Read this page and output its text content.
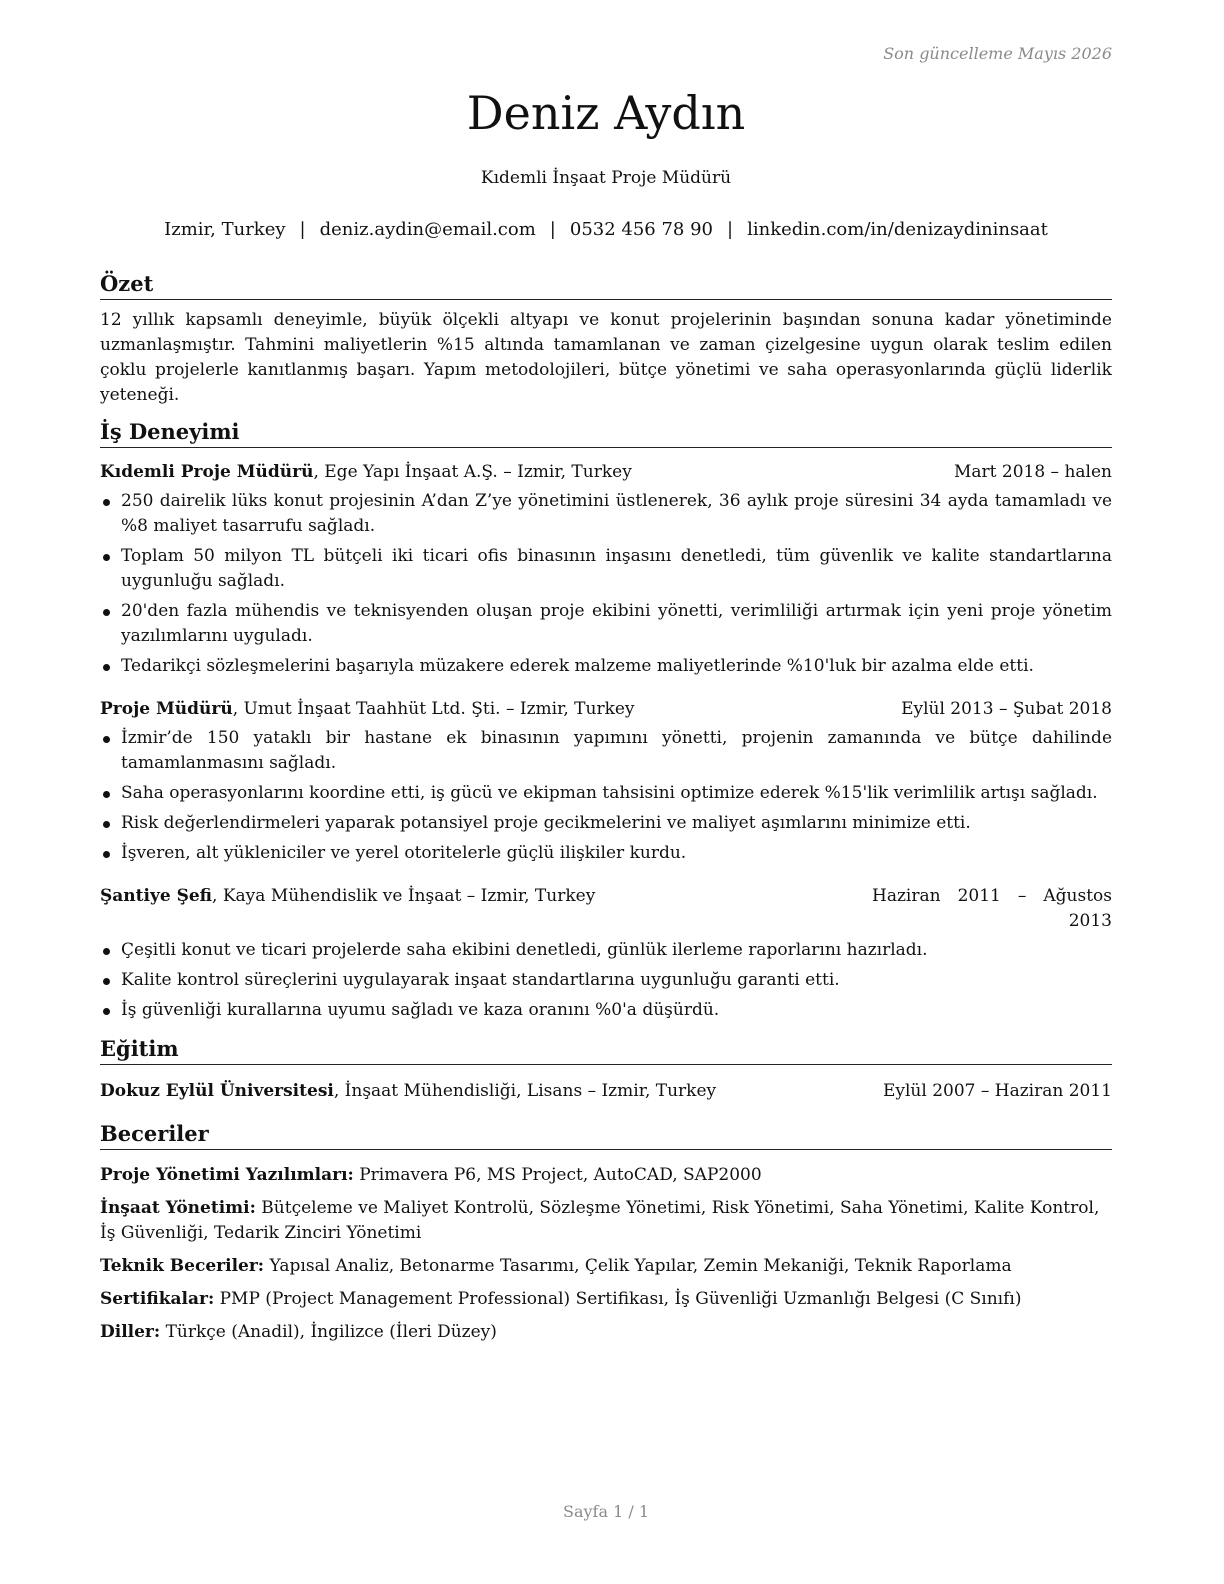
Son güncelleme Mayıs 2026
Deniz Aydın
Kıdemli İnşaat Proje Müdürü
Izmir, Turkey | deniz.aydin@email.com | 0532 456 78 90 | linkedin.com/in/denizaydininsaat
Özet

12 yıllık kapsamlı deneyimle, büyük ölçekli altyapı ve konut projelerinin başından sonuna kadar yönetiminde uzmanlaşmıştır. Tahmini maliyetlerin %15 altında tamamlanan ve zaman çizelgesine uygun olarak teslim edilen çoklu projelerle kanıtlanmış başarı. Yapım metodolojileri, bütçe yönetimi ve saha operasyonlarında güçlü liderlik yeteneği.

İş Deneyimi
Kıdemli Proje Müdürü, Ege Yapı İnşaat A.Ş. – Izmir, Turkey	Mart 2018 – halen
250 dairelik lüks konut projesinin A’dan Z’ye yönetimini üstlenerek, 36 aylık proje süresini 34 ayda tamamladı ve %8 maliyet tasarrufu sağladı.
Toplam 50 milyon TL bütçeli iki ticari ofis binasının inşasını denetledi, tüm güvenlik ve kalite standartlarına uygunluğu sağladı.
20'den fazla mühendis ve teknisyenden oluşan proje ekibini yönetti, verimliliği artırmak için yeni proje yönetim yazılımlarını uyguladı.
Tedarikçi sözleşmelerini başarıyla müzakere ederek malzeme maliyetlerinde %10'luk bir azalma elde etti.
Proje Müdürü, Umut İnşaat Taahhüt Ltd. Şti. – Izmir, Turkey	Eylül 2013 – Şubat 2018
İzmir’de 150 yataklı bir hastane ek binasının yapımını yönetti, projenin zamanında ve bütçe dahilinde tamamlanmasını sağladı.
Saha operasyonlarını koordine etti, iş gücü ve ekipman tahsisini optimize ederek %15'lik verimlilik artışı sağladı.
Risk değerlendirmeleri yaparak potansiyel proje gecikmelerini ve maliyet aşımlarını minimize etti.
İşveren, alt yükleniciler ve yerel otoritelerle güçlü ilişkiler kurdu.
Şantiye Şefi, Kaya Mühendislik ve İnşaat – Izmir, Turkey	Haziran 2011 – Ağustos 2013
Çeşitli konut ve ticari projelerde saha ekibini denetledi, günlük ilerleme raporlarını hazırladı.
Kalite kontrol süreçlerini uygulayarak inşaat standartlarına uygunluğu garanti etti.
İş güvenliği kurallarına uyumu sağladı ve kaza oranını %0'a düşürdü.
Eğitim
Dokuz Eylül Üniversitesi, İnşaat Mühendisliği, Lisans – Izmir, Turkey	Eylül 2007 – Haziran 2011
Beceriler

Proje Yönetimi Yazılımları: Primavera P6, MS Project, AutoCAD, SAP2000

İnşaat Yönetimi: Bütçeleme ve Maliyet Kontrolü, Sözleşme Yönetimi, Risk Yönetimi, Saha Yönetimi, Kalite Kontrol, İş Güvenliği, Tedarik Zinciri Yönetimi

Teknik Beceriler: Yapısal Analiz, Betonarme Tasarımı, Çelik Yapılar, Zemin Mekaniği, Teknik Raporlama

Sertifikalar: PMP (Project Management Professional) Sertifikası, İş Güvenliği Uzmanlığı Belgesi (C Sınıfı)

Diller: Türkçe (Anadil), İngilizce (İleri Düzey)

Sayfa 1 / 1
